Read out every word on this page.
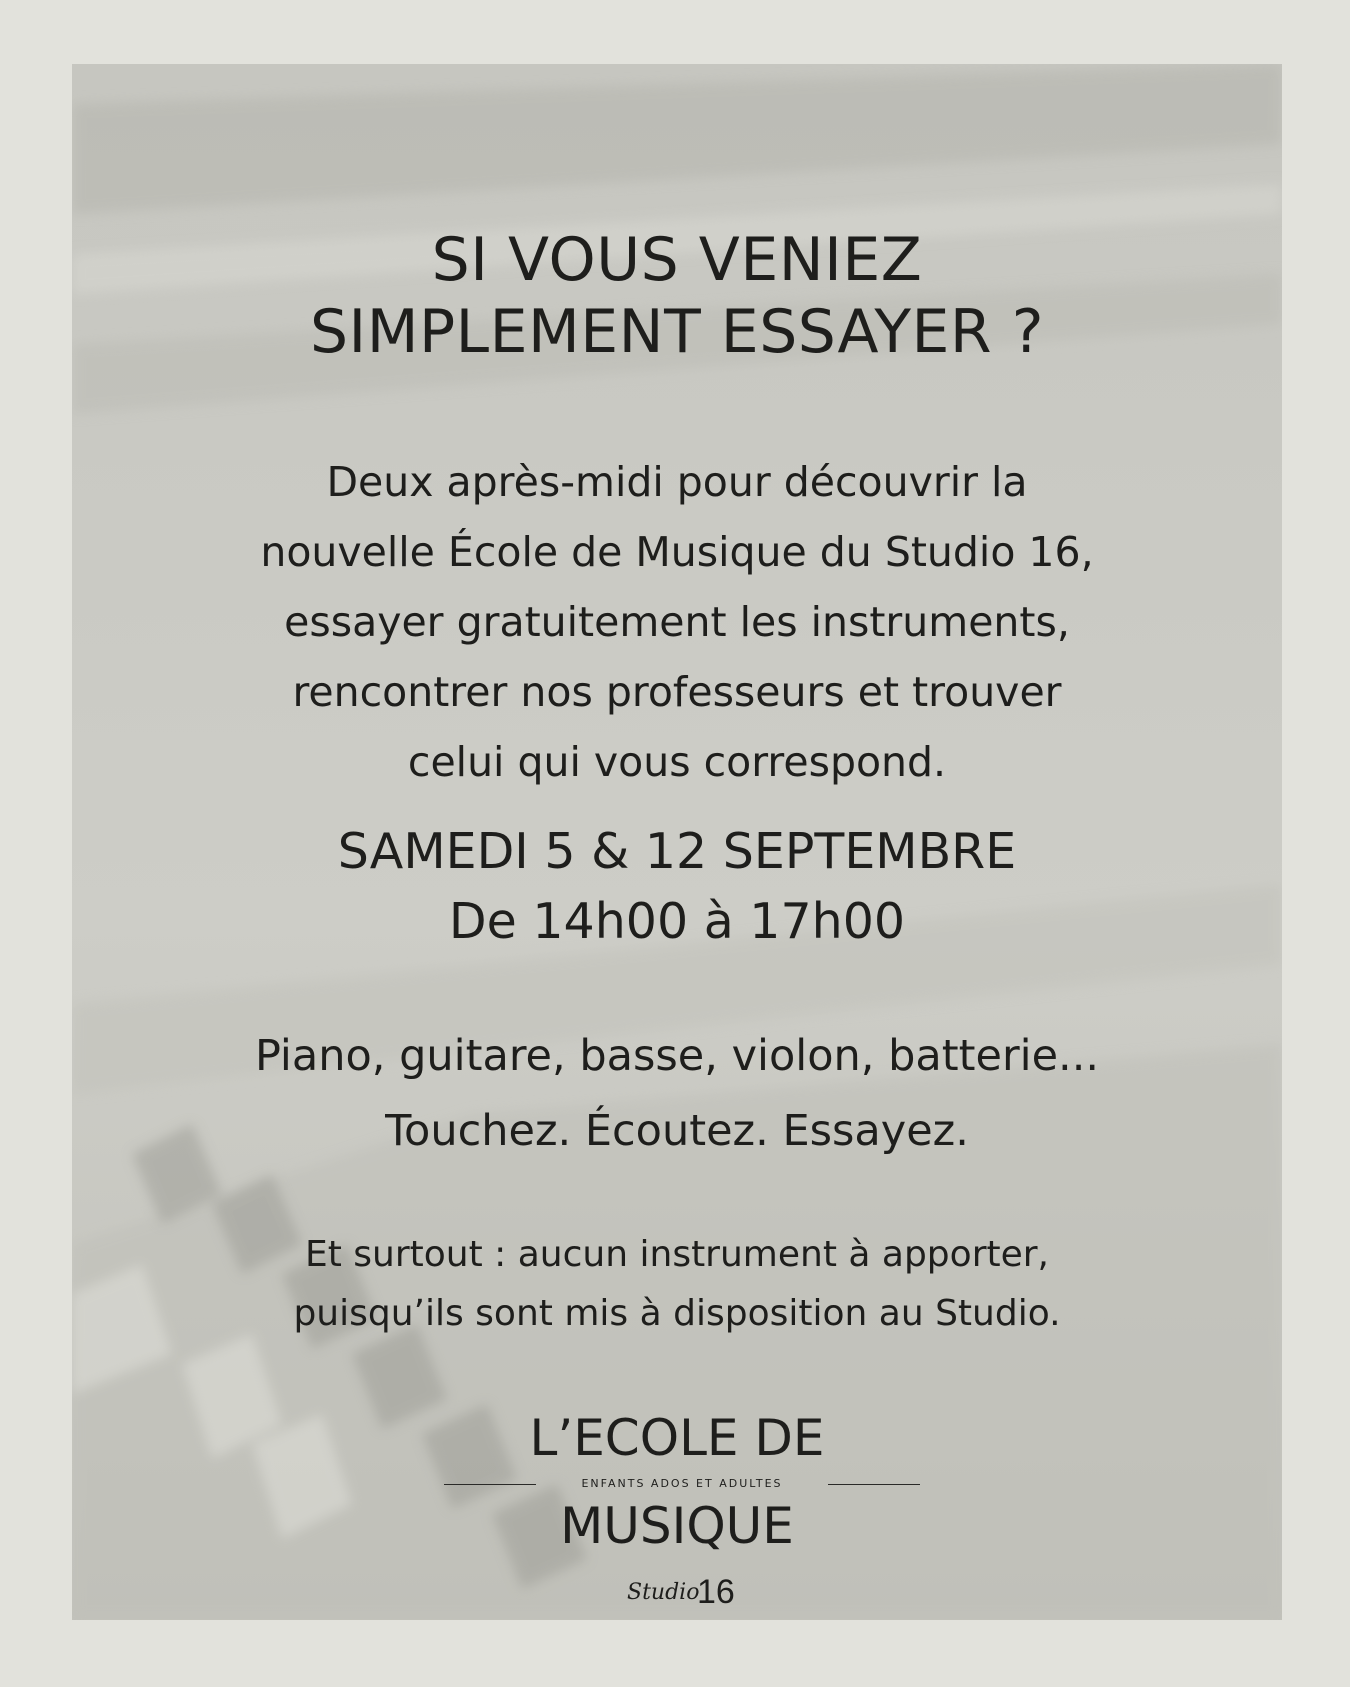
SI VOUS VENIEZ
SIMPLEMENT ESSAYER ?

Deux après-midi pour découvrir la
nouvelle École de Musique du Studio 16,
essayer gratuitement les instruments,
rencontrer nos professeurs et trouver
celui qui vous correspond.

SAMEDI 5 & 12 SEPTEMBRE
De 14h00 à 17h00

Piano, guitare, basse, violon, batterie...
Touchez. Écoutez. Essayez.

Et surtout : aucun instrument à apporter,
puisqu’ils sont mis à disposition au Studio.

L’ECOLE DE
ENFANTS ADOS ET ADULTES
MUSIQUE
Studio
16
